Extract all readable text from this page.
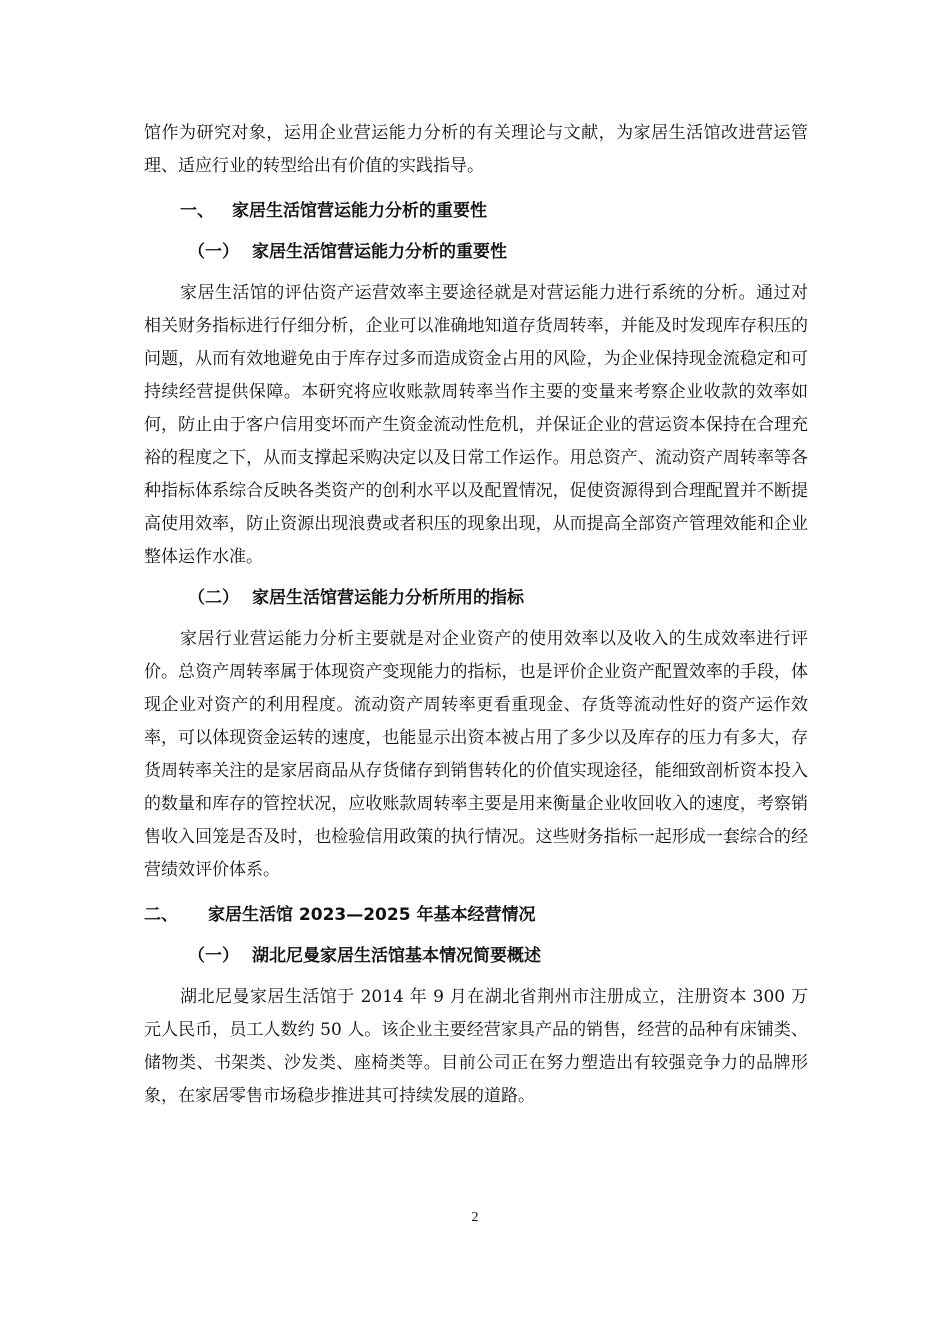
馆作为研究对象，运用企业营运能力分析的有关理论与文献，为家居生活馆改进营运管理、适应行业的转型给出有价值的实践指导。

一、 家居生活馆营运能力分析的重要性
（一） 家居生活馆营运能力分析的重要性

家居生活馆的评估资产运营效率主要途径就是对营运能力进行系统的分析。通过对相关财务指标进行仔细分析，企业可以准确地知道存货周转率，并能及时发现库存积压的问题，从而有效地避免由于库存过多而造成资金占用的风险，为企业保持现金流稳定和可持续经营提供保障。本研究将应收账款周转率当作主要的变量来考察企业收款的效率如何，防止由于客户信用变坏而产生资金流动性危机，并保证企业的营运资本保持在合理充裕的程度之下，从而支撑起采购决定以及日常工作运作。用总资产、流动资产周转率等各种指标体系综合反映各类资产的创利水平以及配置情况，促使资源得到合理配置并不断提高使用效率，防止资源出现浪费或者积压的现象出现，从而提高全部资产管理效能和企业整体运作水准。

（二） 家居生活馆营运能力分析所用的指标

家居行业营运能力分析主要就是对企业资产的使用效率以及收入的生成效率进行评价。总资产周转率属于体现资产变现能力的指标，也是评价企业资产配置效率的手段，体现企业对资产的利用程度。流动资产周转率更看重现金、存货等流动性好的资产运作效率，可以体现资金运转的速度，也能显示出资本被占用了多少以及库存的压力有多大，存货周转率关注的是家居商品从存货储存到销售转化的价值实现途径，能细致剖析资本投入的数量和库存的管控状况，应收账款周转率主要是用来衡量企业收回收入的速度，考察销售收入回笼是否及时，也检验信用政策的执行情况。这些财务指标一起形成一套综合的经营绩效评价体系。

二、 家居生活馆 2023—2025 年基本经营情况
（一） 湖北尼曼家居生活馆基本情况简要概述

湖北尼曼家居生活馆于 2014 年 9 月在湖北省荆州市注册成立，注册资本 300 万元人民币，员工人数约 50 人。该企业主要经营家具产品的销售，经营的品种有床铺类、储物类、书架类、沙发类、座椅类等。目前公司正在努力塑造出有较强竞争力的品牌形象，在家居零售市场稳步推进其可持续发展的道路。

2
